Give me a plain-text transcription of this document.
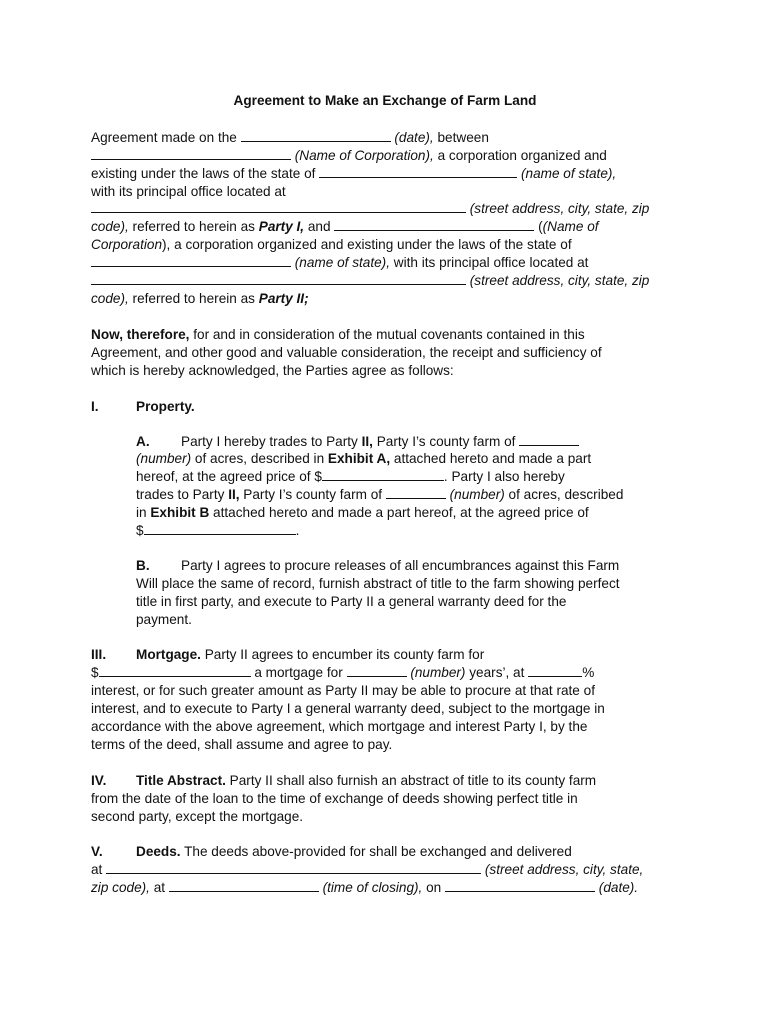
Agreement to Make an Exchange of Farm Land
Agreement made on the	(date), between
(Name of Corporation), a corporation organized and
existing under the laws of the state of	(name of state),
with its principal office located at
(street address, city, state, zip
code), referred to herein as Party I, and	((Name of
Corporation), a corporation organized and existing under the laws of the state of
(name of state), with its principal office located at
(street address, city, state, zip
code), referred to herein as Party II;
Now, therefore, for and in consideration of the mutual covenants contained in this
Agreement, and other good and valuable consideration, the receipt and sufficiency of
which is hereby acknowledged, the Parties agree as follows:
I.	Property.
A. Party I hereby trades to Party II, Party I’s county farm of
(number) of acres, described in Exhibit A, attached hereto and made a part
hereof, at the agreed price of $	. Party I also hereby
trades to Party II, Party I’s county farm of	(number) of acres, described
in Exhibit B attached hereto and made a part hereof, at the agreed price of
$	.
B. Party I agrees to procure releases of all encumbrances against this Farm
Will place the same of record, furnish abstract of title to the farm showing perfect
title in first party, and execute to Party II a general warranty deed for the
payment.
III. Mortgage. Party II agrees to encumber its county farm for
$	a mortgage for	(number) years’, at	%
interest, or for such greater amount as Party II may be able to procure at that rate of
interest, and to execute to Party I a general warranty deed, subject to the mortgage in
accordance with the above agreement, which mortgage and interest Party I, by the
terms of the deed, shall assume and agree to pay.
IV. Title Abstract. Party II shall also furnish an abstract of title to its county farm
from the date of the loan to the time of exchange of deeds showing perfect title in
second party, except the mortgage.
V. Deeds. The deeds above-provided for shall be exchanged and delivered
at	(street address, city, state,
zip code), at	(time of closing), on	(date).
